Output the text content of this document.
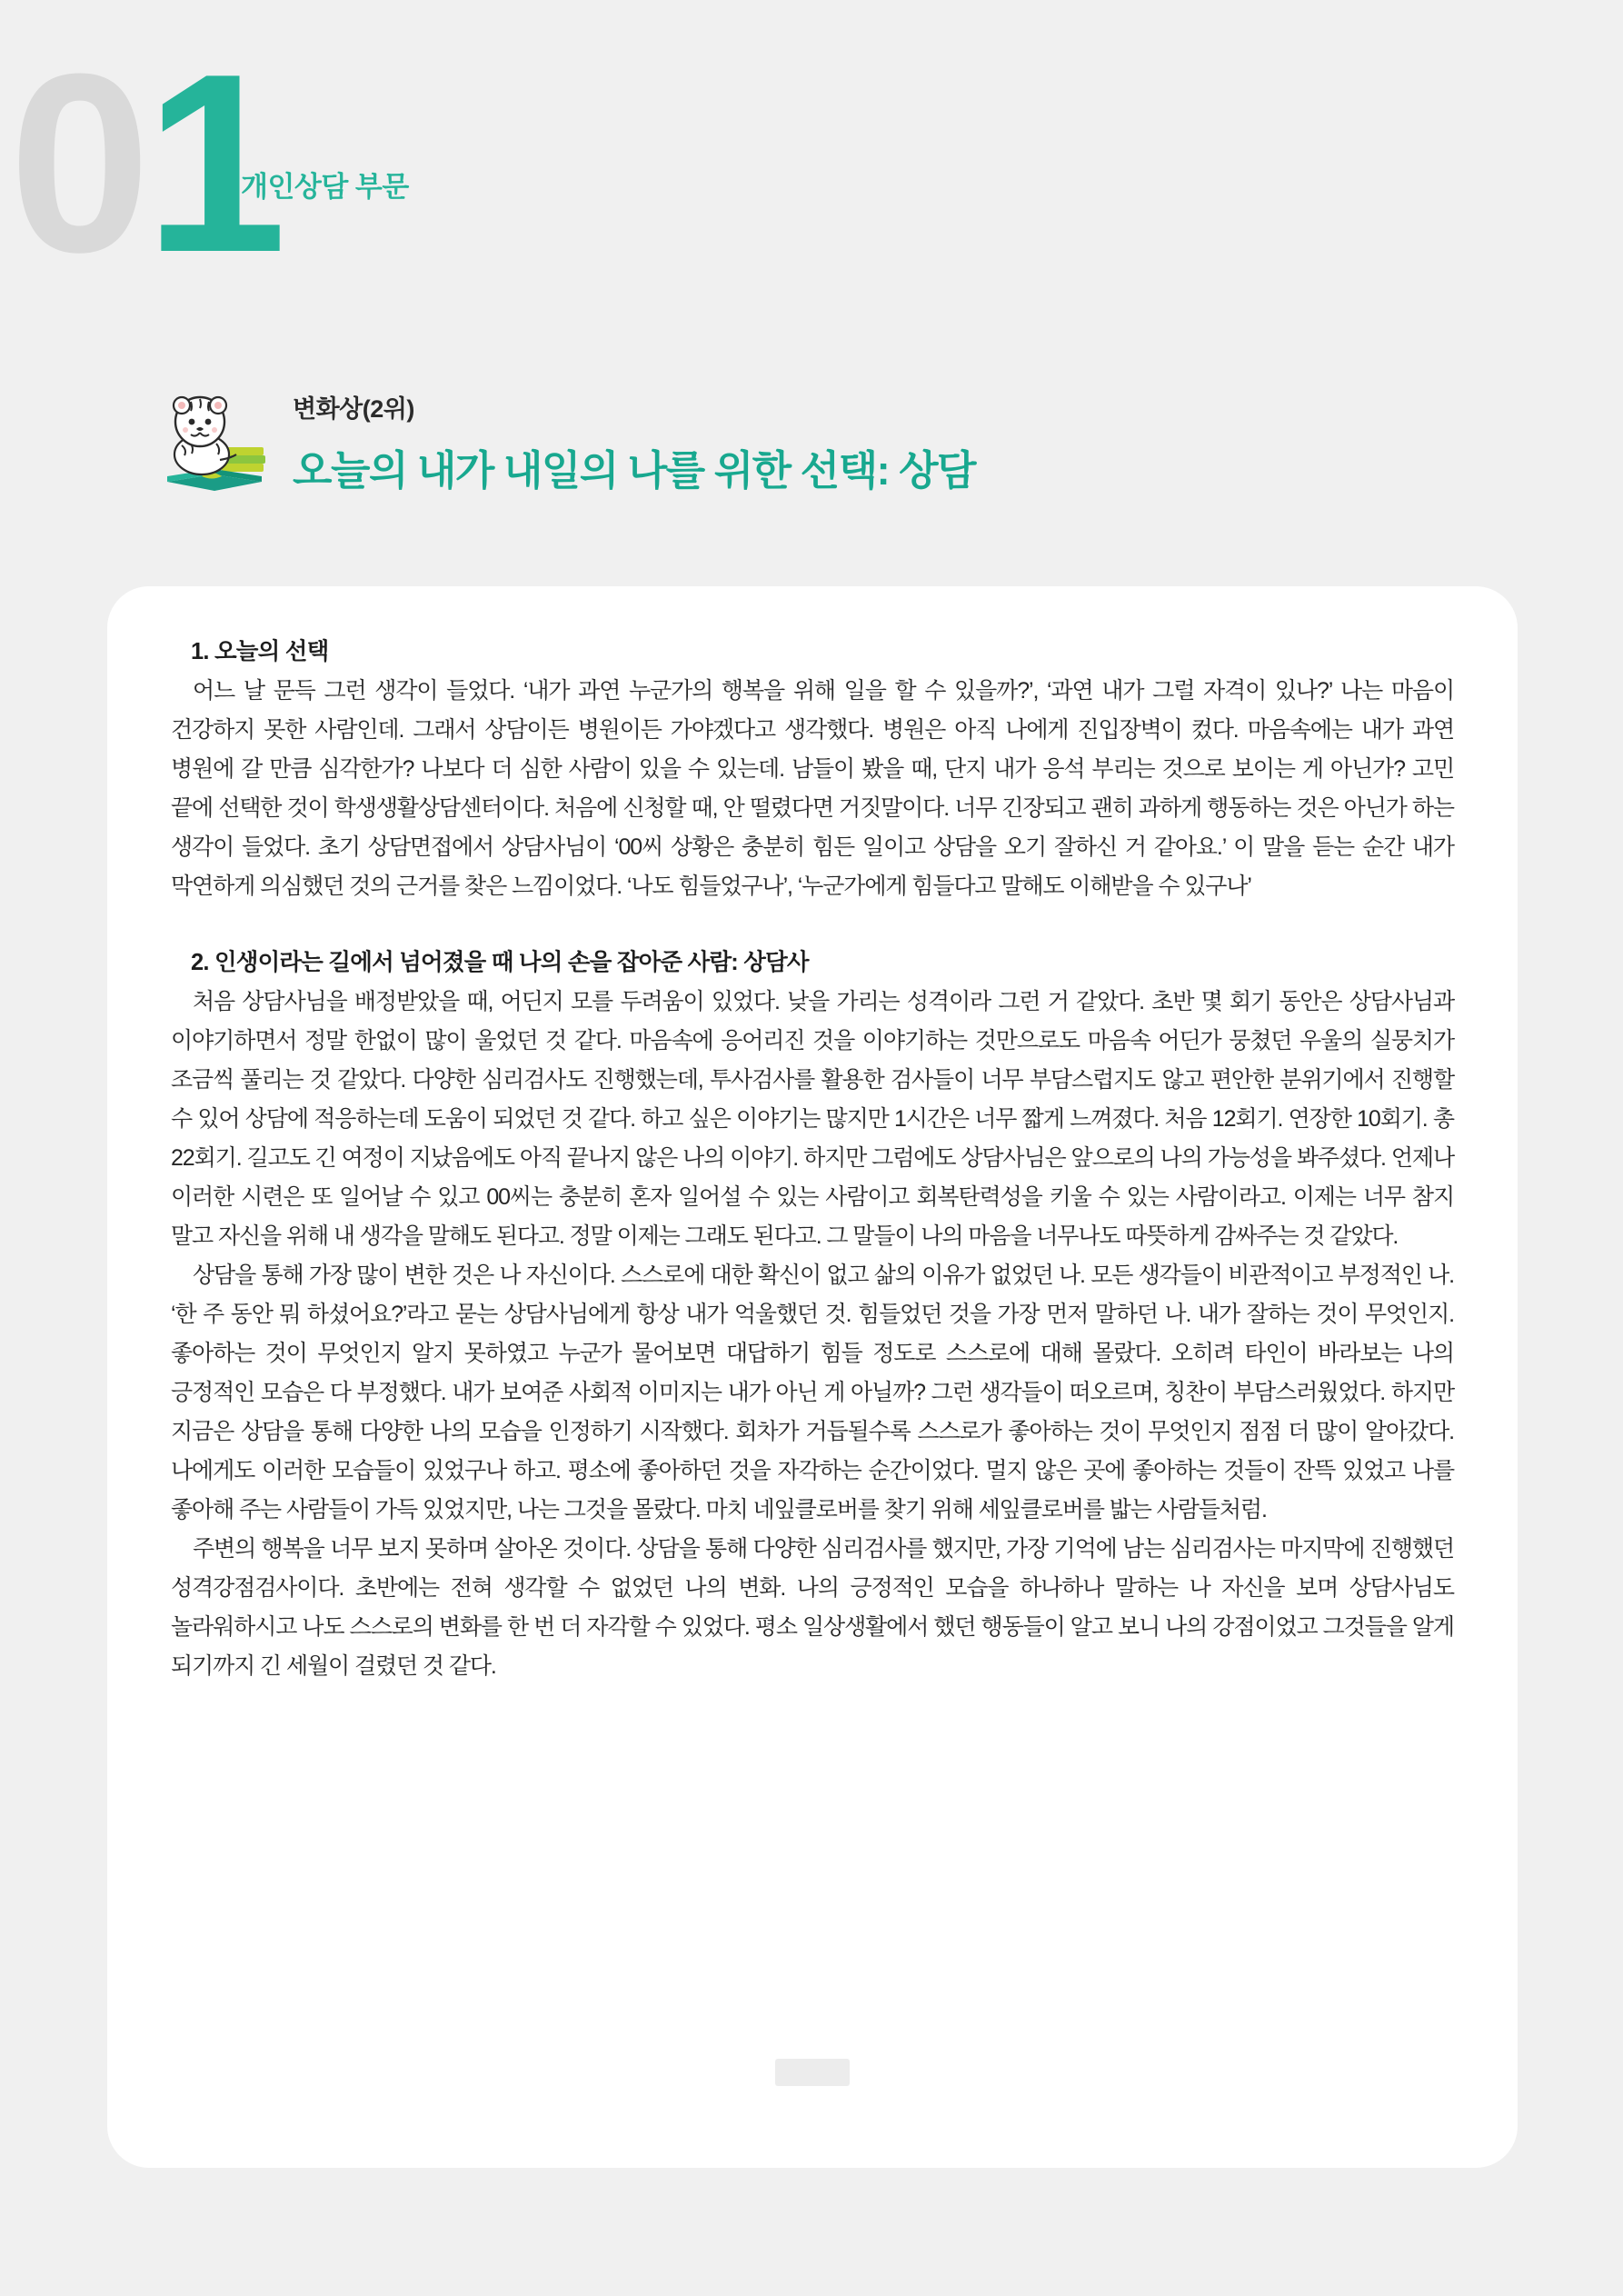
01
개인상담 부문
변화상(2위)
오늘의 내가 내일의 나를 위한 선택: 상담
1. 오늘의 선택

어느 날 문득 그런 생각이 들었다. ‘내가 과연 누군가의 행복을 위해 일을 할 수 있을까?’, ‘과연 내가 그럴 자격이 있나?’ 나는 마음이 건강하지 못한 사람인데. 그래서 상담이든 병원이든 가야겠다고 생각했다. 병원은 아직 나에게 진입장벽이 컸다. 마음속에는 내가 과연 병원에 갈 만큼 심각한가? 나보다 더 심한 사람이 있을 수 있는데. 남들이 봤을 때, 단지 내가 응석 부리는 것으로 보이는 게 아닌가? 고민 끝에 선택한 것이 학생생활상담센터이다. 처음에 신청할 때, 안 떨렸다면 거짓말이다. 너무 긴장되고 괜히 과하게 행동하는 것은 아닌가 하는 생각이 들었다. 초기 상담면접에서 상담사님이 ‘00씨 상황은 충분히 힘든 일이고 상담을 오기 잘하신 거 같아요.’ 이 말을 듣는 순간 내가 막연하게 의심했던 것의 근거를 찾은 느낌이었다. ‘나도 힘들었구나’, ‘누군가에게 힘들다고 말해도 이해받을 수 있구나’

2. 인생이라는 길에서 넘어졌을 때 나의 손을 잡아준 사람: 상담사

처음 상담사님을 배정받았을 때, 어딘지 모를 두려움이 있었다. 낮을 가리는 성격이라 그런 거 같았다. 초반 몇 회기 동안은 상담사님과 이야기하면서 정말 한없이 많이 울었던 것 같다. 마음속에 응어리진 것을 이야기하는 것만으로도 마음속 어딘가 뭉쳤던 우울의 실뭉치가 조금씩 풀리는 것 같았다. 다양한 심리검사도 진행했는데, 투사검사를 활용한 검사들이 너무 부담스럽지도 않고 편안한 분위기에서 진행할 수 있어 상담에 적응하는데 도움이 되었던 것 같다. 하고 싶은 이야기는 많지만 1시간은 너무 짧게 느껴졌다. 처음 12회기. 연장한 10회기. 총 22회기. 길고도 긴 여정이 지났음에도 아직 끝나지 않은 나의 이야기. 하지만 그럼에도 상담사님은 앞으로의 나의 가능성을 봐주셨다. 언제나 이러한 시련은 또 일어날 수 있고 00씨는 충분히 혼자 일어설 수 있는 사람이고 회복탄력성을 키울 수 있는 사람이라고. 이제는 너무 참지 말고 자신을 위해 내 생각을 말해도 된다고. 정말 이제는 그래도 된다고. 그 말들이 나의 마음을 너무나도 따뜻하게 감싸주는 것 같았다.

상담을 통해 가장 많이 변한 것은 나 자신이다. 스스로에 대한 확신이 없고 삶의 이유가 없었던 나. 모든 생각들이 비관적이고 부정적인 나. ‘한 주 동안 뭐 하셨어요?’라고 묻는 상담사님에게 항상 내가 억울했던 것. 힘들었던 것을 가장 먼저 말하던 나. 내가 잘하는 것이 무엇인지. 좋아하는 것이 무엇인지 알지 못하였고 누군가 물어보면 대답하기 힘들 정도로 스스로에 대해 몰랐다. 오히려 타인이 바라보는 나의 긍정적인 모습은 다 부정했다. 내가 보여준 사회적 이미지는 내가 아닌 게 아닐까? 그런 생각들이 떠오르며, 칭찬이 부담스러웠었다. 하지만 지금은 상담을 통해 다양한 나의 모습을 인정하기 시작했다. 회차가 거듭될수록 스스로가 좋아하는 것이 무엇인지 점점 더 많이 알아갔다. 나에게도 이러한 모습들이 있었구나 하고. 평소에 좋아하던 것을 자각하는 순간이었다. 멀지 않은 곳에 좋아하는 것들이 잔뜩 있었고 나를 좋아해 주는 사람들이 가득 있었지만, 나는 그것을 몰랐다. 마치 네잎클로버를 찾기 위해 세잎클로버를 밟는 사람들처럼.

주변의 행복을 너무 보지 못하며 살아온 것이다. 상담을 통해 다양한 심리검사를 했지만, 가장 기억에 남는 심리검사는 마지막에 진행했던 성격강점검사이다. 초반에는 전혀 생각할 수 없었던 나의 변화. 나의 긍정적인 모습을 하나하나 말하는 나 자신을 보며 상담사님도 놀라워하시고 나도 스스로의 변화를 한 번 더 자각할 수 있었다. 평소 일상생활에서 했던 행동들이 알고 보니 나의 강점이었고 그것들을 알게 되기까지 긴 세월이 걸렸던 것 같다.
